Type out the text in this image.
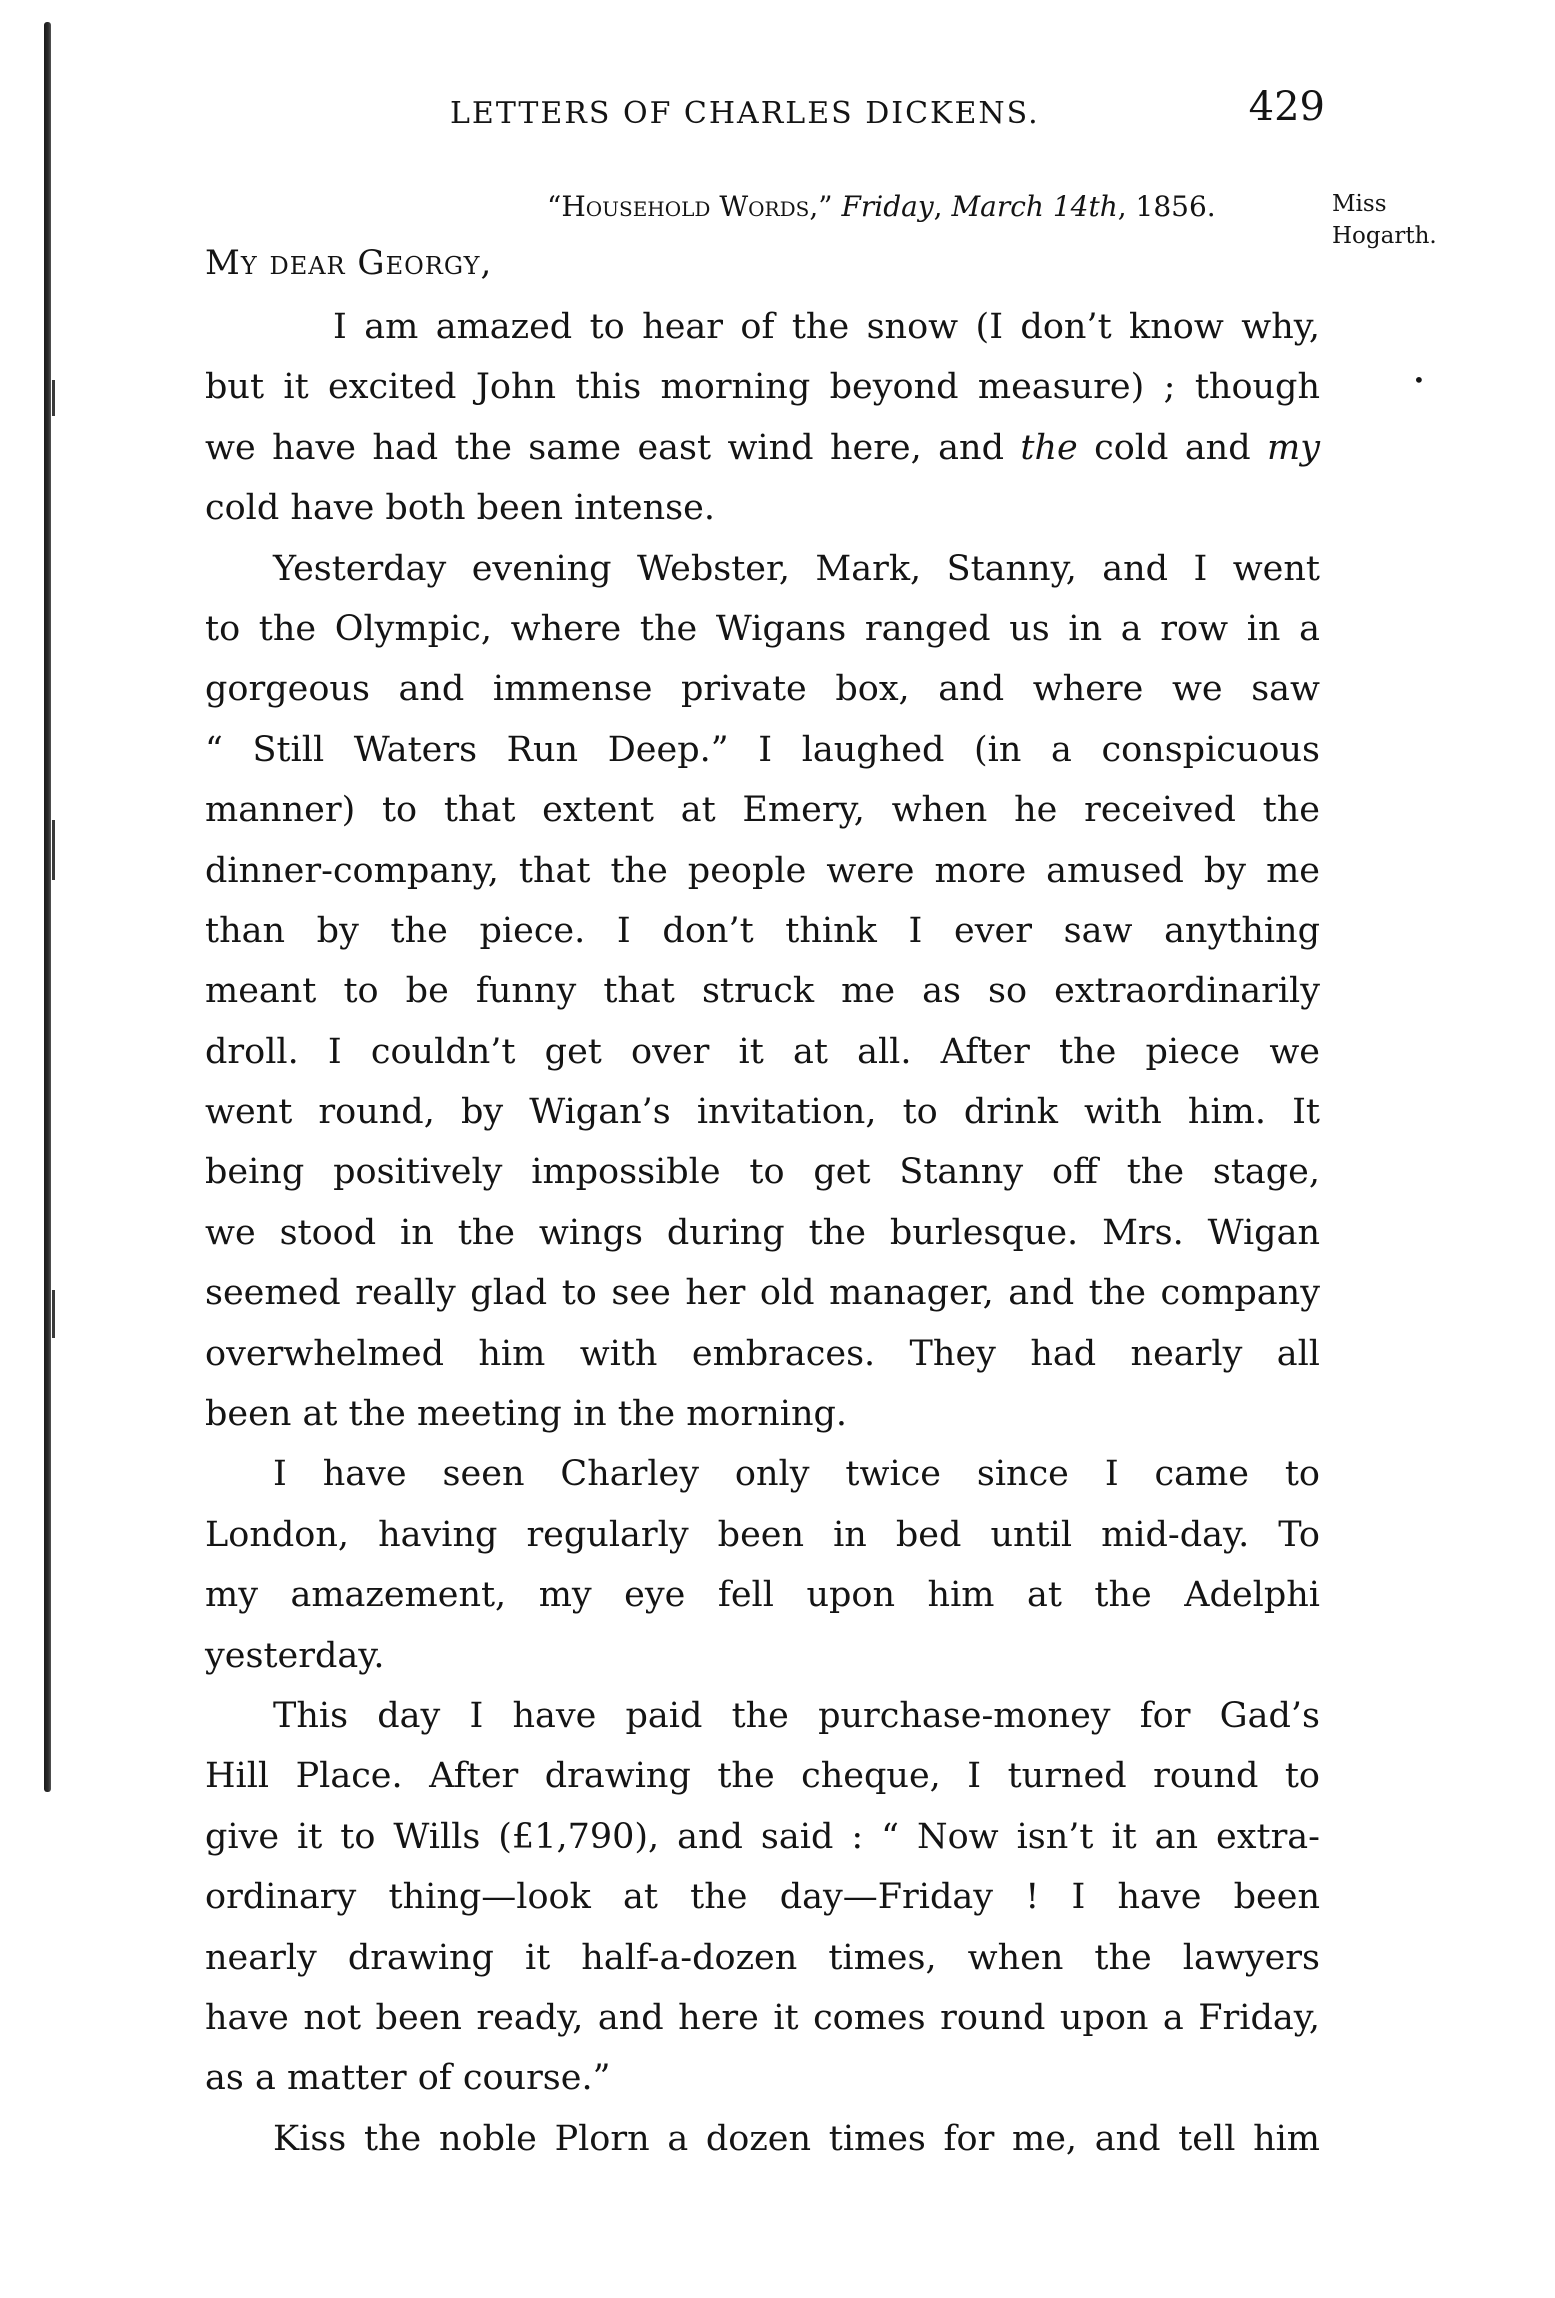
LETTERS OF CHARLES DICKENS.	429
“Household Words,” Friday, March 14th, 1856.	Miss
Hogarth.
•
My dear Georgy,
I am amazed to hear of the snow (I don’t know why,
but it excited John this morning beyond measure) ; though
we have had the same east wind here, and the cold and my
cold have both been intense.
Yesterday evening Webster, Mark, Stanny, and I went
to the Olympic, where the Wigans ranged us in a row in a
gorgeous and immense private box, and where we saw
“ Still Waters Run Deep.” I laughed (in a conspicuous
manner) to that extent at Emery, when he received the
dinner-company, that the people were more amused by me
than by the piece. I don’t think I ever saw anything
meant to be funny that struck me as so extraordinarily
droll. I couldn’t get over it at all. After the piece we
went round, by Wigan’s invitation, to drink with him. It
being positively impossible to get Stanny off the stage,
we stood in the wings during the burlesque. Mrs. Wigan
seemed really glad to see her old manager, and the company
overwhelmed him with embraces. They had nearly all
been at the meeting in the morning.
I have seen Charley only twice since I came to
London, having regularly been in bed until mid-day. To
my amazement, my eye fell upon him at the Adelphi
yesterday.
This day I have paid the purchase-money for Gad’s
Hill Place. After drawing the cheque, I turned round to
give it to Wills (£1,790), and said : “ Now isn’t it an extra-
ordinary thing—look at the day—Friday ! I have been
nearly drawing it half-a-dozen times, when the lawyers
have not been ready, and here it comes round upon a Friday,
as a matter of course.”
Kiss the noble Plorn a dozen times for me, and tell him
